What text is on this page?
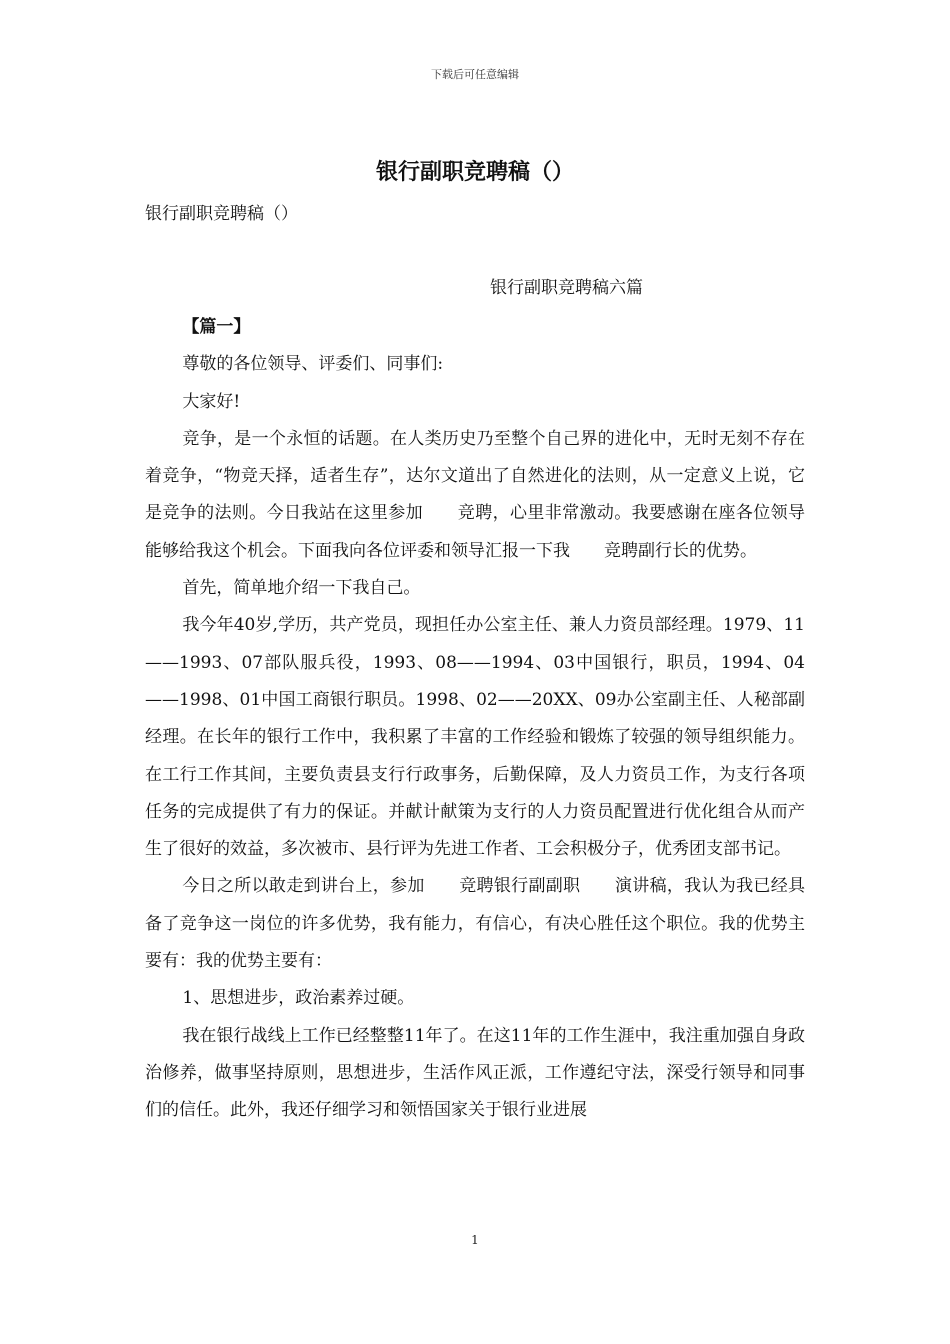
下载后可任意编辑
银行副职竞聘稿（）
银行副职竞聘稿（）
银行副职竞聘稿六篇

【篇一】

尊敬的各位领导、评委们、同事们:

大家好!

竞争，是一个永恒的话题。在人类历史乃至整个自己界的进化中，无时无刻不存在着竞争，“物竞天择，适者生存”，达尔文道出了自然进化的法则，从一定意义上说，它是竞争的法则。今日我站在这里参加　　竞聘，心里非常激动。我要感谢在座各位领导能够给我这个机会。下面我向各位评委和领导汇报一下我　　竞聘副行长的优势。

首先，简单地介绍一下我自己。

我今年40岁,学历，共产党员，现担任办公室主任、兼人力资员部经理。1979、11——1993、07部队服兵役，1993、08——1994、03中国银行，职员，1994、04——1998、01中国工商银行职员。1998、02——20XX、09办公室副主任、人秘部副经理。在长年的银行工作中，我积累了丰富的工作经验和锻炼了较强的领导组织能力。在工行工作其间，主要负责县支行行政事务，后勤保障，及人力资员工作，为支行各项任务的完成提供了有力的保证。并献计献策为支行的人力资员配置进行优化组合从而产生了很好的效益，多次被市、县行评为先进工作者、工会积极分子，优秀团支部书记。

今日之所以敢走到讲台上，参加　　竞聘银行副副职　　演讲稿，我认为我已经具备了竞争这一岗位的许多优势，我有能力，有信心，有决心胜任这个职位。我的优势主要有：我的优势主要有：

1、思想进步，政治素养过硬。

我在银行战线上工作已经整整11年了。在这11年的工作生涯中，我注重加强自身政治修养，做事坚持原则，思想进步，生活作风正派，工作遵纪守法，深受行领导和同事们的信任。此外，我还仔细学习和领悟国家关于银行业进展

1
